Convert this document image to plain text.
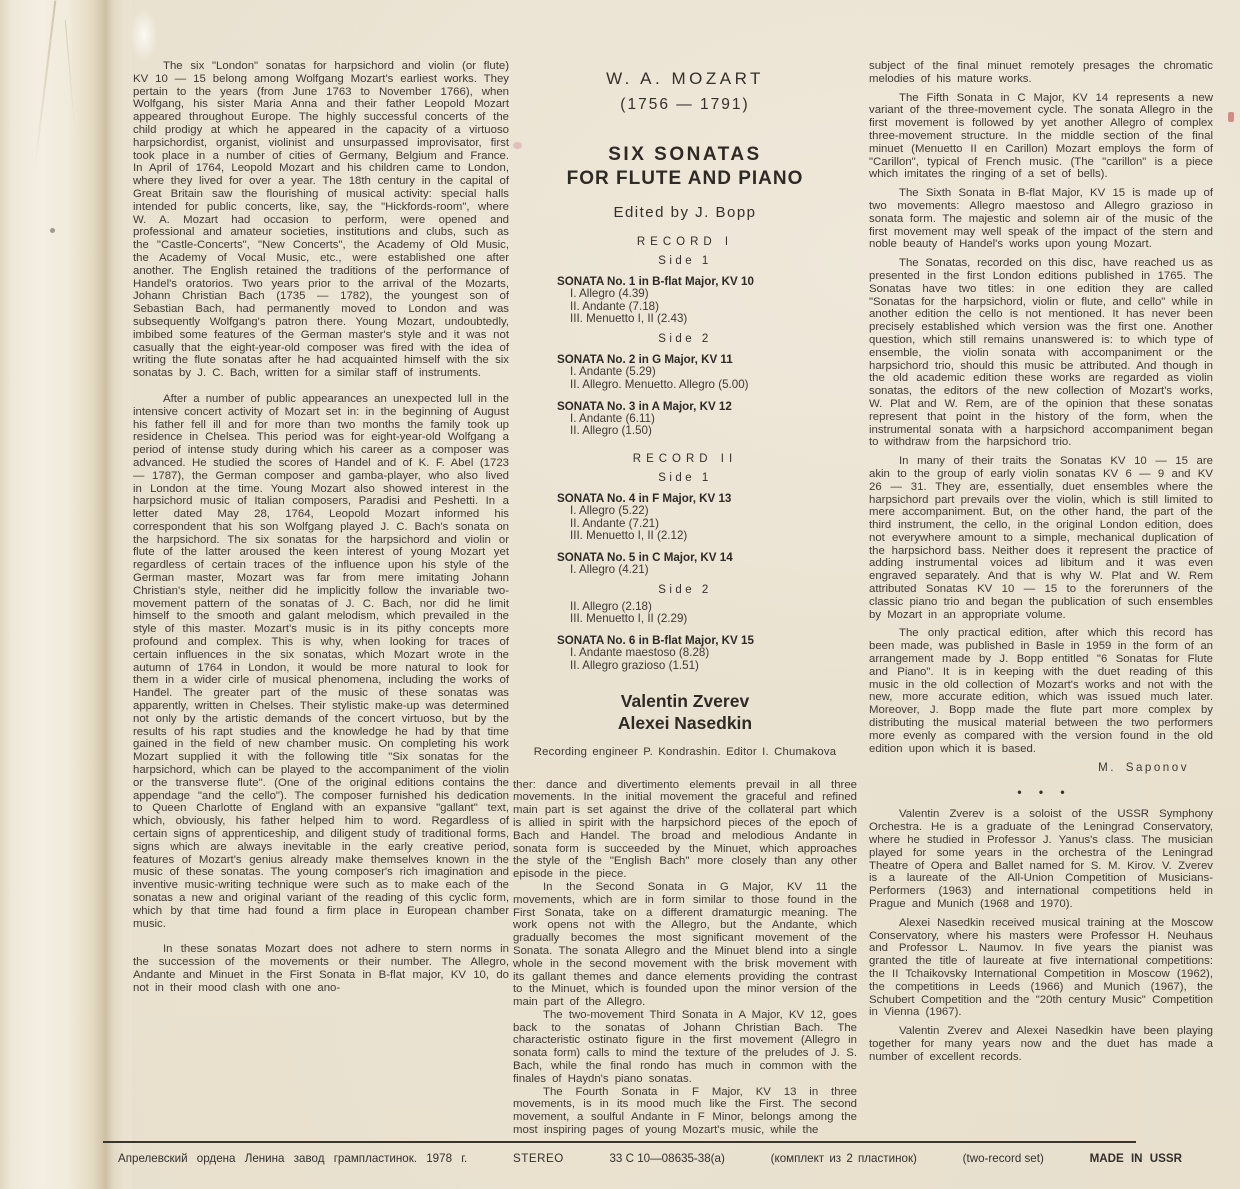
The six "London" sonatas for harpsichord and violin (or flute) KV 10 — 15 belong among Wolfgang Mozart's earliest works. They pertain to the years (from June 1763 to November 1766), when Wolfgang, his sister Maria Anna and their father Leopold Mozart appeared throughout Europe. The highly successful concerts of the child prodigy at which he appeared in the capacity of a virtuoso harpsichordist, organist, violinist and unsurpassed improvisator, first took place in a number of cities of Germany, Belgium and France. In April of 1764, Leopold Mozart and his children came to London, where they lived for over a year. The 18th century in the capital of Great Britain saw the flourishing of musical activity: special halls intended for public concerts, like, say, the "Hickfords-room", where W. A. Mozart had occasion to perform, were opened and professional and amateur societies, institutions and clubs, such as the "Castle-Concerts", "New Concerts", the Academy of Old Music, the Academy of Vocal Music, etc., were established one after another. The English retained the traditions of the performance of Handel's oratorios. Two years prior to the arrival of the Mozarts, Johann Christian Bach (1735 — 1782), the youngest son of Sebastian Bach, had permanently moved to London and was subsequently Wolfgang's patron there. Young Mozart, undoubtedly, imbibed some features of the German master's style and it was not casually that the eight-year-old composer was fired with the idea of writing the flute sonatas after he had acquainted himself with the six sonatas by J. C. Bach, written for a similar staff of instruments.

After a number of public appearances an unexpected lull in the intensive concert activity of Mozart set in: in the beginning of August his father fell ill and for more than two months the family took up residence in Chelsea. This period was for eight-year-old Wolfgang a period of intense study during which his career as a composer was advanced. He studied the scores of Handel and of K. F. Abel (1723 — 1787), the German composer and gamba-player, who also lived in London at the time. Young Mozart also showed interest in the harpsichord music of Italian composers, Paradisi and Peshetti. In a letter dated May 28, 1764, Leopold Mozart informed his correspondent that his son Wolfgang played J. C. Bach's sonata on the harpsichord. The six sonatas for the harpsichord and violin or flute of the latter aroused the keen interest of young Mozart yet regardless of certain traces of the influence upon his style of the German master, Mozart was far from mere imitating Johann Christian's style, neither did he implicitly follow the invariable two-movement pattern of the sonatas of J. C. Bach, nor did he limit himself to the smooth and galant melodism, which prevailed in the style of this master. Mozart's music is in its pithy concepts more profound and complex. This is why, when looking for traces of certain influences in the six sonatas, which Mozart wrote in the autumn of 1764 in London, it would be more natural to look for them in a wider cirle of musical phenomena, including the works of Handel. The greater part of the music of these sonatas was apparently, written in Chelses. Their stylistic make-up was determined not only by the artistic demands of the concert virtuoso, but by the results of his rapt studies and the knowledge he had by that time gained in the field of new chamber music. On completing his work Mozart supplied it with the following title "Six sonatas for the harpsichord, which can be played to the accompaniment of the violin or the transverse flute". (One of the original editions contains the appendage "and the cello"). The composer furnished his dedication to Queen Charlotte of England with an expansive "gallant" text, which, obviously, his father helped him to word. Regardless of certain signs of apprenticeship, and diligent study of traditional forms, signs which are always inevitable in the early creative period, features of Mozart's genius already make themselves known in the music of these sonatas. The young composer's rich imagination and inventive music-writing technique were such as to make each of the sonatas a new and original variant of the reading of this cyclic form, which by that time had found a firm place in European chamber music.

In these sonatas Mozart does not adhere to stern norms in the succession of the movements or their number. The Allegro, Andante and Minuet in the First Sonata in B-flat major, KV 10, do not in their mood clash with one ano-

W. A. MOZART
(1756 — 1791)
SIX SONATAS
FOR FLUTE AND PIANO
Edited by J. Bopp
RECORD I
Side 1
SONATA No. 1 in B-flat Major, KV 10
I. Allegro (4.39)
II. Andante (7.18)
III. Menuetto I, II (2.43)
Side 2
SONATA No. 2 in G Major, KV 11
I. Andante (5.29)
II. Allegro. Menuetto. Allegro (5.00)
SONATA No. 3 in A Major, KV 12
I. Andante (6.11)
II. Allegro (1.50)
RECORD II
Side 1
SONATA No. 4 in F Major, KV 13
I. Allegro (5.22)
II. Andante (7.21)
III. Menuetto I, II (2.12)
SONATA No. 5 in C Major, KV 14
I. Allegro (4.21)
Side 2
II. Allegro (2.18)
III. Menuetto I, II (2.29)
SONATA No. 6 in B-flat Major, KV 15
I. Andante maestoso (8.28)
II. Allegro grazioso (1.51)
Valentin Zverev
Alexei Nasedkin
Recording engineer P. Kondrashin. Editor I. Chumakova

ther: dance and divertimento elements prevail in all three movements. In the initial movement the graceful and refined main part is set against the drive of the collateral part which is allied in spirit with the harpsichord pieces of the epoch of Bach and Handel. The broad and melodious Andante in sonata form is succeeded by the Minuet, which approaches the style of the "English Bach" more closely than any other episode in the piece.

In the Second Sonata in G Major, KV 11 the movements, which are in form similar to those found in the First Sonata, take on a different dramaturgic meaning. The work opens not with the Allegro, but the Andante, which gradually becomes the most significant movement of the Sonata. The sonata Allegro and the Minuet blend into a single whole in the second movement with the brisk movement with its gallant themes and dance elements providing the contrast to the Minuet, which is founded upon the minor version of the main part of the Allegro.

The two-movement Third Sonata in A Major, KV 12, goes back to the sonatas of Johann Christian Bach. The characteristic ostinato figure in the first movement (Allegro in sonata form) calls to mind the texture of the preludes of J. S. Bach, while the final rondo has much in common with the finales of Haydn's piano sonatas.

The Fourth Sonata in F Major, KV 13 in three movements, is in its mood much like the First. The second movement, a soulful Andante in F Minor, belongs among the most inspiring pages of young Mozart's music, while the

subject of the final minuet remotely presages the chromatic melodies of his mature works.

The Fifth Sonata in C Major, KV 14 represents a new variant of the three-movement cycle. The sonata Allegro in the first movement is followed by yet another Allegro of complex three-movement structure. In the middle section of the final minuet (Menuetto II en Carillon) Mozart employs the form of "Carillon", typical of French music. (The "carillon" is a piece which imitates the ringing of a set of bells).

The Sixth Sonata in B-flat Major, KV 15 is made up of two movements: Allegro maestoso and Allegro grazioso in sonata form. The majestic and solemn air of the music of the first movement may well speak of the impact of the stern and noble beauty of Handel's works upon young Mozart.

The Sonatas, recorded on this disc, have reached us as presented in the first London editions published in 1765. The Sonatas have two titles: in one edition they are called "Sonatas for the harpsichord, violin or flute, and cello" while in another edition the cello is not mentioned. It has never been precisely established which version was the first one. Another question, which still remains unanswered is: to which type of ensemble, the violin sonata with accompaniment or the harpsichord trio, should this music be attributed. And though in the old academic edition these works are regarded as violin sonatas, the editors of the new collection of Mozart's works, W. Plat and W. Rem, are of the opinion that these sonatas represent that point in the history of the form, when the instrumental sonata with a harpsichord accompaniment began to withdraw from the harpsichord trio.

In many of their traits the Sonatas KV 10 — 15 are akin to the group of early violin sonatas KV 6 — 9 and KV 26 — 31. They are, essentially, duet ensembles where the harpsichord part prevails over the violin, which is still limited to mere accompaniment. But, on the other hand, the part of the third instrument, the cello, in the original London edition, does not everywhere amount to a simple, mechanical duplication of the harpsichord bass. Neither does it represent the practice of adding instrumental voices ad libitum and it was even engraved separately. And that is why W. Plat and W. Rem attributed Sonatas KV 10 — 15 to the forerunners of the classic piano trio and began the publication of such ensembles by Mozart in an appropriate volume.

The only practical edition, after which this record has been made, was published in Basle in 1959 in the form of an arrangement made by J. Bopp entitled "6 Sonatas for Flute and Piano". It is in keeping with the duet reading of this music in the old collection of Mozart's works and not with the new, more accurate edition, which was issued much later. Moreover, J. Bopp made the flute part more complex by distributing the musical material between the two performers more evenly as compared with the version found in the old edition upon which it is based.

M. Saponov
• • •

Valentin Zverev is a soloist of the USSR Symphony Orchestra. He is a graduate of the Leningrad Conservatory, where he studied in Professor J. Yanus's class. The musician played for some years in the orchestra of the Leningrad Theatre of Opera and Ballet named for S. M. Kirov. V. Zverev is a laureate of the All-Union Competition of Musicians-Performers (1963) and international competitions held in Prague and Munich (1968 and 1970).

Alexei Nasedkin received musical training at the Moscow Conservatory, where his masters were Professor H. Neuhaus and Professor L. Naumov. In five years the pianist was granted the title of laureate at five international competitions: the II Tchaikovsky International Competition in Moscow (1962), the competitions in Leeds (1966) and Munich (1967), the Schubert Competition and the "20th century Music" Competition in Vienna (1967).

Valentin Zverev and Alexei Nasedkin have been playing together for many years now and the duet has made a number of excellent records.

Апрелевский ордена Ленина завод грампластинок. 1978 г.	STEREO	33 C 10—08635-38(a)	(комплект из 2 пластинок)	(two-record set)	MADE IN USSR
